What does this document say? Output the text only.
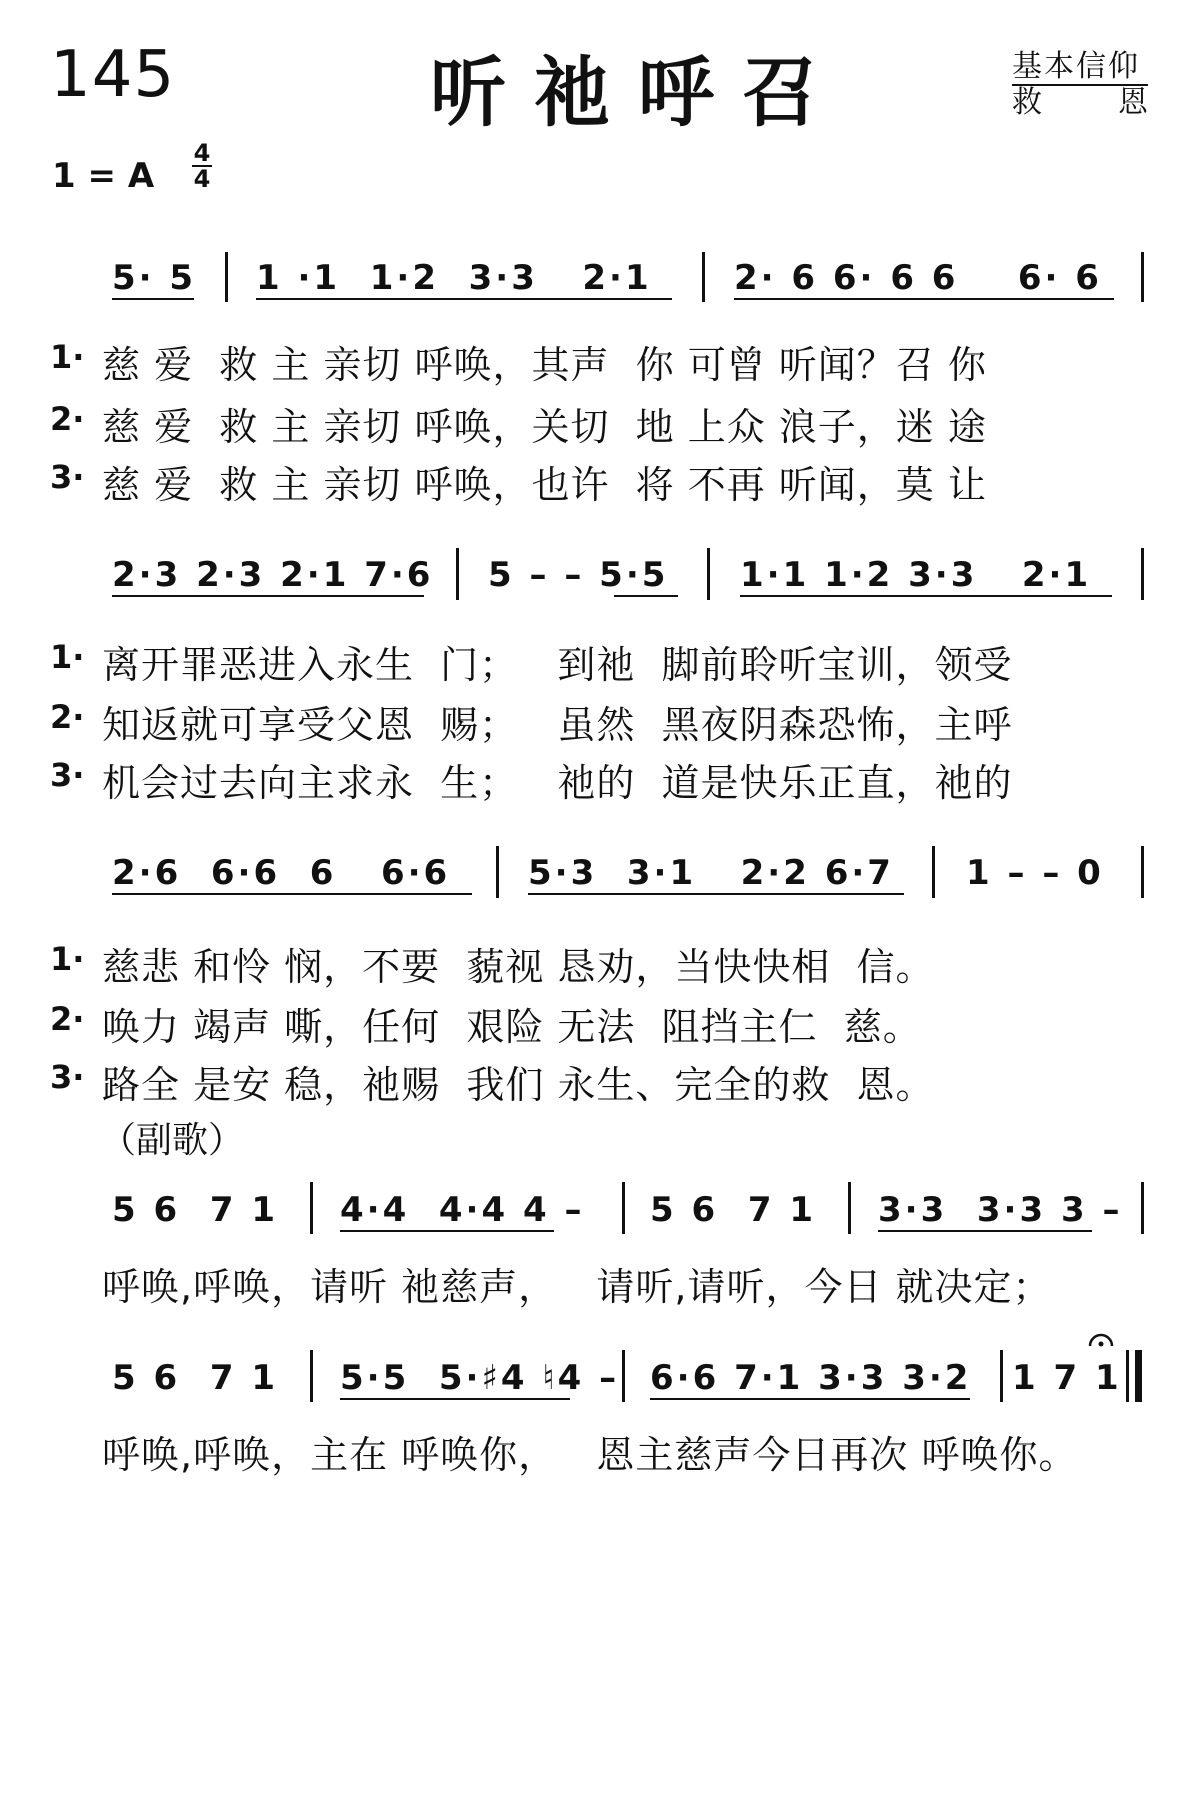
145	听祂呼召	基本信仰
救	恩
1 = A
4
4
5· 5 1 ·1  1·2  3·3   2·1 2· 6 6· 6 6    6· 6
1· 慈 爱  救 主 亲切 呼唤，其声  你 可曾 听闻？召 你
2· 慈 爱  救 主 亲切 呼唤，关切  地 上众 浪子，迷 途
3· 慈 爱  救 主 亲切 呼唤，也许  将 不再 听闻，莫 让
2·3 2·3 2·1 7·6 5 – – 5·5 1·1 1·2 3·3   2·1
1· 离开罪恶进入永生  门；   到祂  脚前聆听宝训，领受
2· 知返就可享受父恩  赐；   虽然  黑夜阴森恐怖，主呼
3· 机会过去向主求永  生；   祂的  道是快乐正直，祂的
2·6  6·6  6   6·6 5·3  3·1   2·2 6·7 1 – – 0
1· 慈悲 和怜 悯，不要  藐视 恳劝，当快快相  信。
2· 唤力 竭声 嘶，任何  艰险 无法  阻挡主仁  慈。
3· 路全 是安 稳，祂赐  我们 永生、完全的救  恩。
（副歌）
5 6  7 1 4·4  4·4 4 – 5 6  7 1 3·3  3·3 3 –
呼唤,呼唤，请听 祂慈声，   请听,请听，今日 就决定；
5 6  7 1 5·5  5·♯4 ♮4 – 6·6 7·1 3·3 3·2 1 7 1
呼唤,呼唤，主在 呼唤你，   恩主慈声今日再次 呼唤你。
